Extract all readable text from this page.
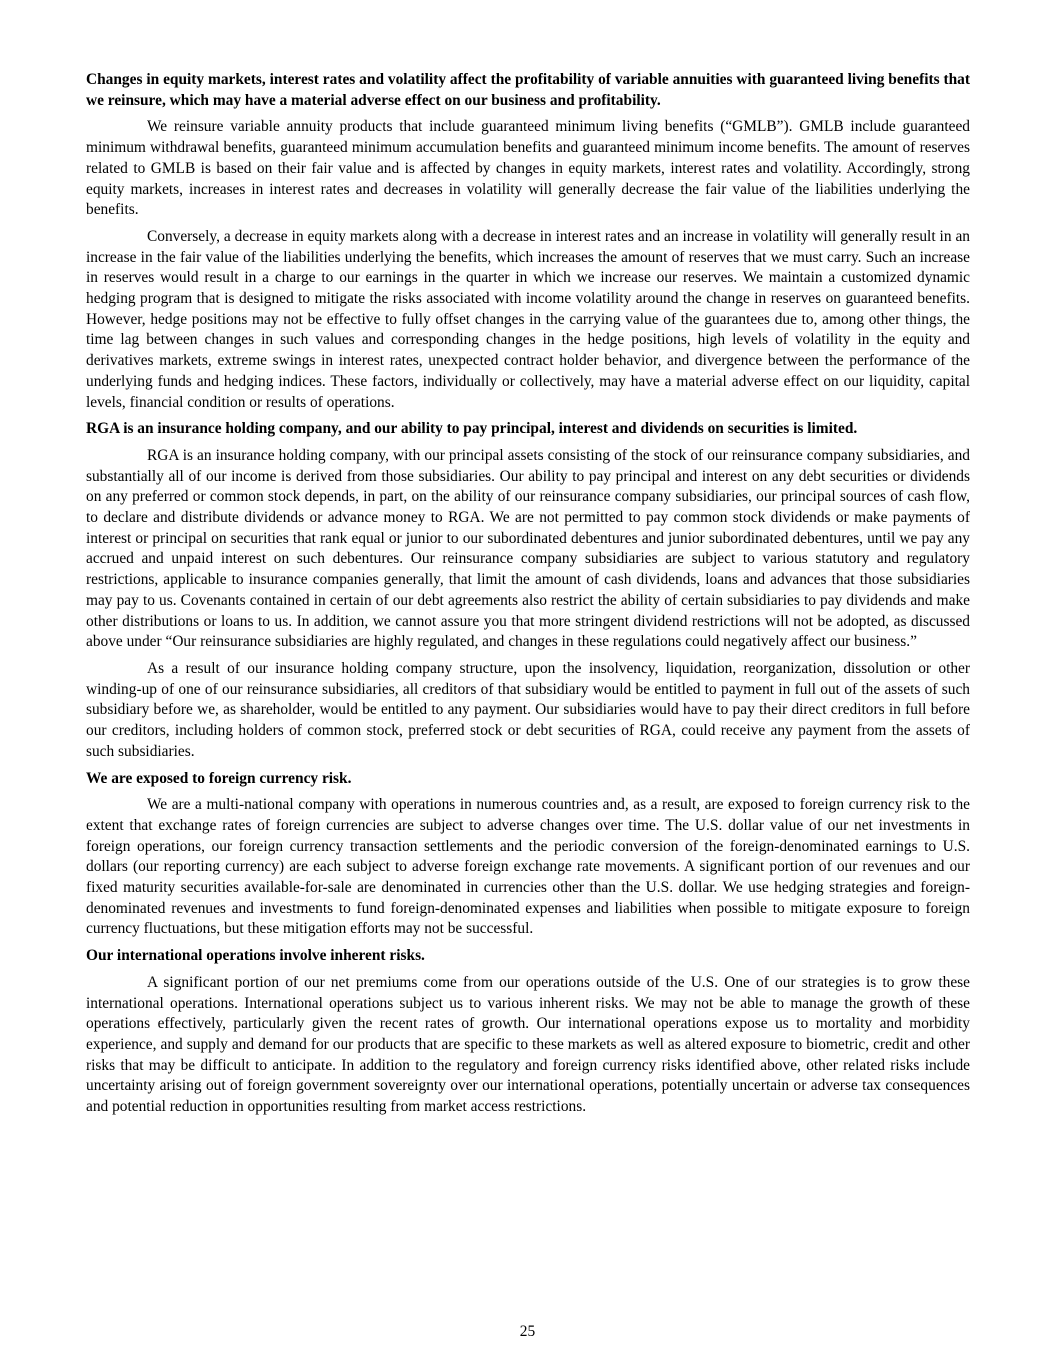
Changes in equity markets, interest rates and volatility affect the profitability of variable annuities with guaranteed living benefits that we reinsure, which may have a material adverse effect on our business and profitability.

We reinsure variable annuity products that include guaranteed minimum living benefits (“GMLB”). GMLB include guaranteed minimum withdrawal benefits, guaranteed minimum accumulation benefits and guaranteed minimum income benefits. The amount of reserves related to GMLB is based on their fair value and is affected by changes in equity markets, interest rates and volatility. Accordingly, strong equity markets, increases in interest rates and decreases in volatility will generally decrease the fair value of the liabilities underlying the benefits.

Conversely, a decrease in equity markets along with a decrease in interest rates and an increase in volatility will generally result in an increase in the fair value of the liabilities underlying the benefits, which increases the amount of reserves that we must carry. Such an increase in reserves would result in a charge to our earnings in the quarter in which we increase our reserves. We maintain a customized dynamic hedging program that is designed to mitigate the risks associated with income volatility around the change in reserves on guaranteed benefits. However, hedge positions may not be effective to fully offset changes in the carrying value of the guarantees due to, among other things, the time lag between changes in such values and corresponding changes in the hedge positions, high levels of volatility in the equity and derivatives markets, extreme swings in interest rates, unexpected contract holder behavior, and divergence between the performance of the underlying funds and hedging indices. These factors, individually or collectively, may have a material adverse effect on our liquidity, capital levels, financial condition or results of operations.

RGA is an insurance holding company, and our ability to pay principal, interest and dividends on securities is limited.

RGA is an insurance holding company, with our principal assets consisting of the stock of our reinsurance company subsidiaries, and substantially all of our income is derived from those subsidiaries. Our ability to pay principal and interest on any debt securities or dividends on any preferred or common stock depends, in part, on the ability of our reinsurance company subsidiaries, our principal sources of cash flow, to declare and distribute dividends or advance money to RGA. We are not permitted to pay common stock dividends or make payments of interest or principal on securities that rank equal or junior to our subordinated debentures and junior subordinated debentures, until we pay any accrued and unpaid interest on such debentures. Our reinsurance company subsidiaries are subject to various statutory and regulatory restrictions, applicable to insurance companies generally, that limit the amount of cash dividends, loans and advances that those subsidiaries may pay to us. Covenants contained in certain of our debt agreements also restrict the ability of certain subsidiaries to pay dividends and make other distributions or loans to us. In addition, we cannot assure you that more stringent dividend restrictions will not be adopted, as discussed above under “Our reinsurance subsidiaries are highly regulated, and changes in these regulations could negatively affect our business.”

As a result of our insurance holding company structure, upon the insolvency, liquidation, reorganization, dissolution or other winding-up of one of our reinsurance subsidiaries, all creditors of that subsidiary would be entitled to payment in full out of the assets of such subsidiary before we, as shareholder, would be entitled to any payment. Our subsidiaries would have to pay their direct creditors in full before our creditors, including holders of common stock, preferred stock or debt securities of RGA, could receive any payment from the assets of such subsidiaries.

We are exposed to foreign currency risk.

We are a multi-national company with operations in numerous countries and, as a result, are exposed to foreign currency risk to the extent that exchange rates of foreign currencies are subject to adverse changes over time. The U.S. dollar value of our net investments in foreign operations, our foreign currency transaction settlements and the periodic conversion of the foreign-denominated earnings to U.S. dollars (our reporting currency) are each subject to adverse foreign exchange rate movements. A significant portion of our revenues and our fixed maturity securities available-for-sale are denominated in currencies other than the U.S. dollar. We use hedging strategies and foreign-denominated revenues and investments to fund foreign-denominated expenses and liabilities when possible to mitigate exposure to foreign currency fluctuations, but these mitigation efforts may not be successful.

Our international operations involve inherent risks.

A significant portion of our net premiums come from our operations outside of the U.S. One of our strategies is to grow these international operations. International operations subject us to various inherent risks. We may not be able to manage the growth of these operations effectively, particularly given the recent rates of growth. Our international operations expose us to mortality and morbidity experience, and supply and demand for our products that are specific to these markets as well as altered exposure to biometric, credit and other risks that may be difficult to anticipate. In addition to the regulatory and foreign currency risks identified above, other related risks include uncertainty arising out of foreign government sovereignty over our international operations, potentially uncertain or adverse tax consequences and potential reduction in opportunities resulting from market access restrictions.

25
